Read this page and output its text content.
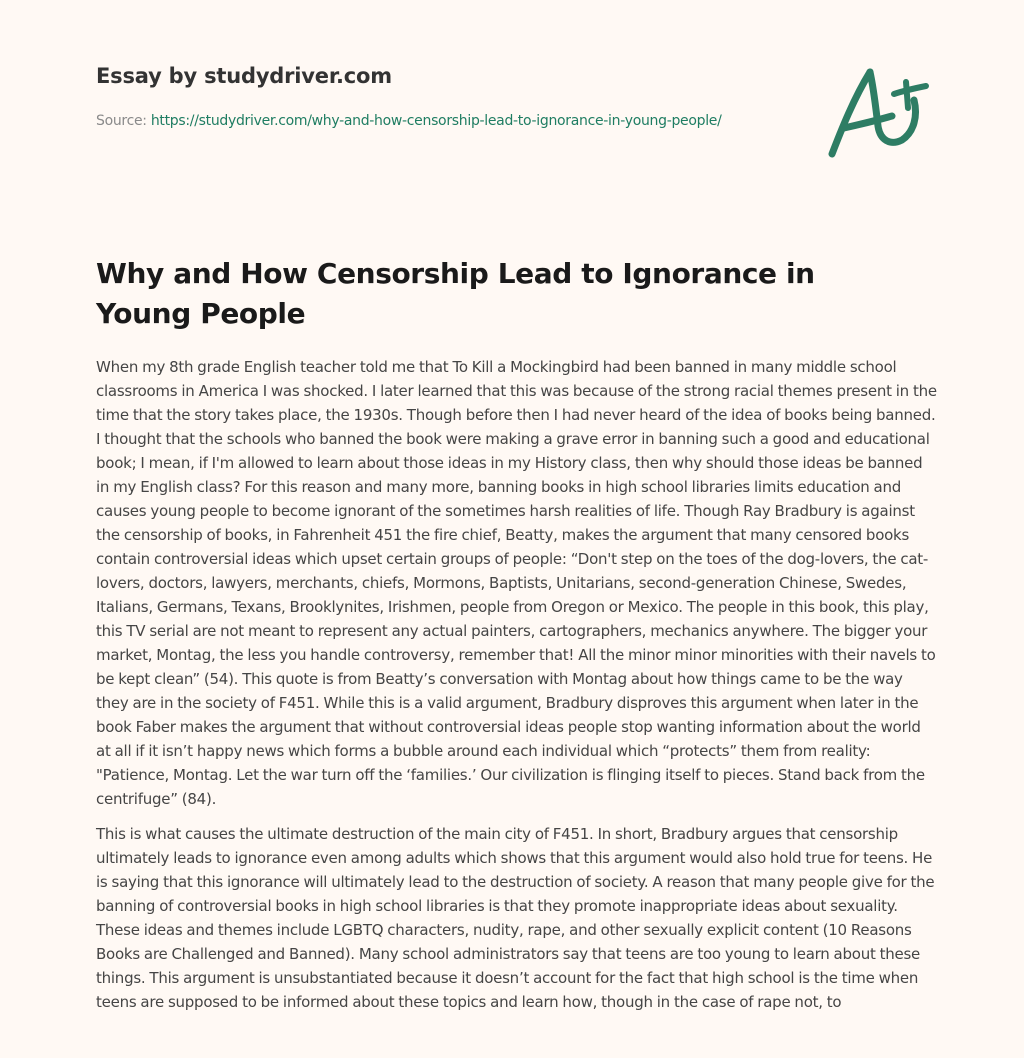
Essay by studydriver.com
Source: https://studydriver.com/why-and-how-censorship-lead-to-ignorance-in-young-people/
Why and How Censorship Lead to Ignorance in Young People

When my 8th grade English teacher told me that To Kill a Mockingbird had been banned in many middle school classrooms in America I was shocked. I later learned that this was because of the strong racial themes present in the time that the story takes place, the 1930s. Though before then I had never heard of the idea of books being banned. I thought that the schools who banned the book were making a grave error in banning such a good and educational book; I mean, if I'm allowed to learn about those ideas in my History class, then why should those ideas be banned in my English class? For this reason and many more, banning books in high school libraries limits education and causes young people to become ignorant of the sometimes harsh realities of life. Though Ray Bradbury is against the censorship of books, in Fahrenheit 451 the fire chief, Beatty, makes the argument that many censored books contain controversial ideas which upset certain groups of people: “Don't step on the toes of the dog-lovers, the cat-lovers, doctors, lawyers, merchants, chiefs, Mormons, Baptists, Unitarians, second-generation Chinese, Swedes, Italians, Germans, Texans, Brooklynites, Irishmen, people from Oregon or Mexico. The people in this book, this play, this TV serial are not meant to represent any actual painters, cartographers, mechanics anywhere. The bigger your market, Montag, the less you handle controversy, remember that! All the minor minor minorities with their navels to be kept clean” (54). This quote is from Beatty’s conversation with Montag about how things came to be the way they are in the society of F451. While this is a valid argument, Bradbury disproves this argument when later in the book Faber makes the argument that without controversial ideas people stop wanting information about the world at all if it isn’t happy news which forms a bubble around each individual which “protects” them from reality: "Patience, Montag. Let the war turn off the ‘families.’ Our civilization is flinging itself to pieces. Stand back from the centrifuge” (84).

This is what causes the ultimate destruction of the main city of F451. In short, Bradbury argues that censorship ultimately leads to ignorance even among adults which shows that this argument would also hold true for teens. He is saying that this ignorance will ultimately lead to the destruction of society. A reason that many people give for the banning of controversial books in high school libraries is that they promote inappropriate ideas about sexuality. These ideas and themes include LGBTQ characters, nudity, rape, and other sexually explicit content (10 Reasons Books are Challenged and Banned). Many school administrators say that teens are too young to learn about these things. This argument is unsubstantiated because it doesn’t account for the fact that high school is the time when teens are supposed to be informed about these topics and learn how, though in the case of rape not, to
